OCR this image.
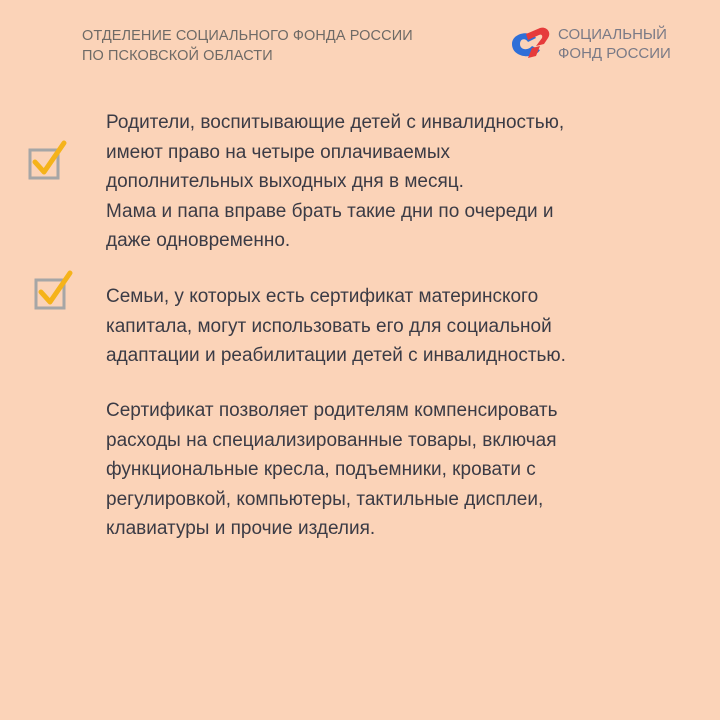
ОТДЕЛЕНИЕ СОЦИАЛЬНОГО ФОНДА РОССИИ
ПО ПСКОВСКОЙ ОБЛАСТИ
СОЦИАЛЬНЫЙ
ФОНД РОССИИ
Родители, воспитывающие детей с инвалидностью,
имеют право на четыре оплачиваемых
дополнительных выходных дня в месяц.
Мама и папа вправе брать такие дни по очереди и
даже одновременно.
Семьи, у которых есть сертификат материнского
капитала, могут использовать его для социальной
адаптации и реабилитации детей с инвалидностью.
Сертификат позволяет родителям компенсировать
расходы на специализированные товары, включая
функциональные кресла, подъемники, кровати с
регулировкой, компьютеры, тактильные дисплеи,
клавиатуры и прочие изделия.
